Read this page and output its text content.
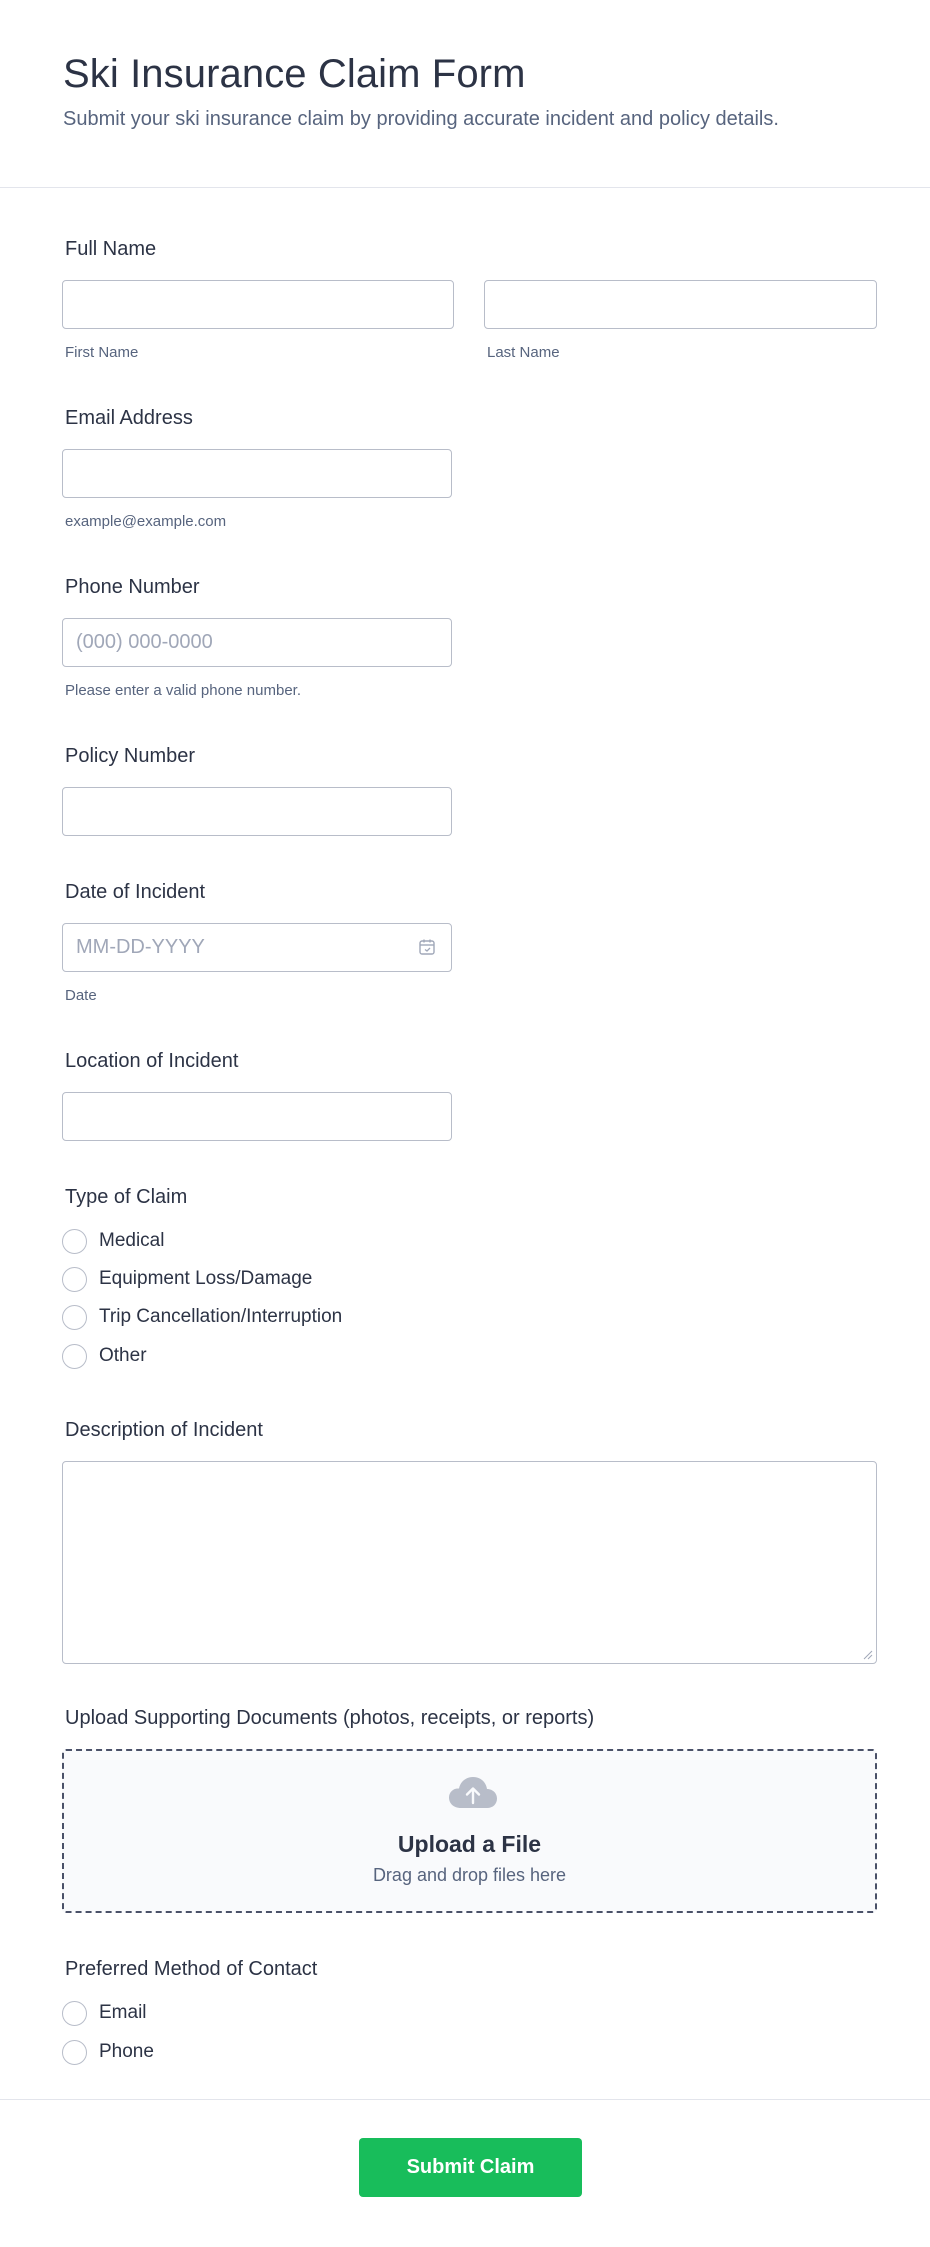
Ski Insurance Claim Form

Submit your ski insurance claim by providing accurate incident and policy details.

Full Name
First Name	Last Name
Email Address
example@example.com
Phone Number
(000) 000-0000
Please enter a valid phone number.
Policy Number
Date of Incident
MM-DD-YYYY
Date
Location of Incident
Type of Claim
Medical
Equipment Loss/Damage
Trip Cancellation/Interruption
Other
Description of Incident
Upload Supporting Documents (photos, receipts, or reports)
Upload a File
Drag and drop files here
Preferred Method of Contact
Email
Phone
Submit Claim
